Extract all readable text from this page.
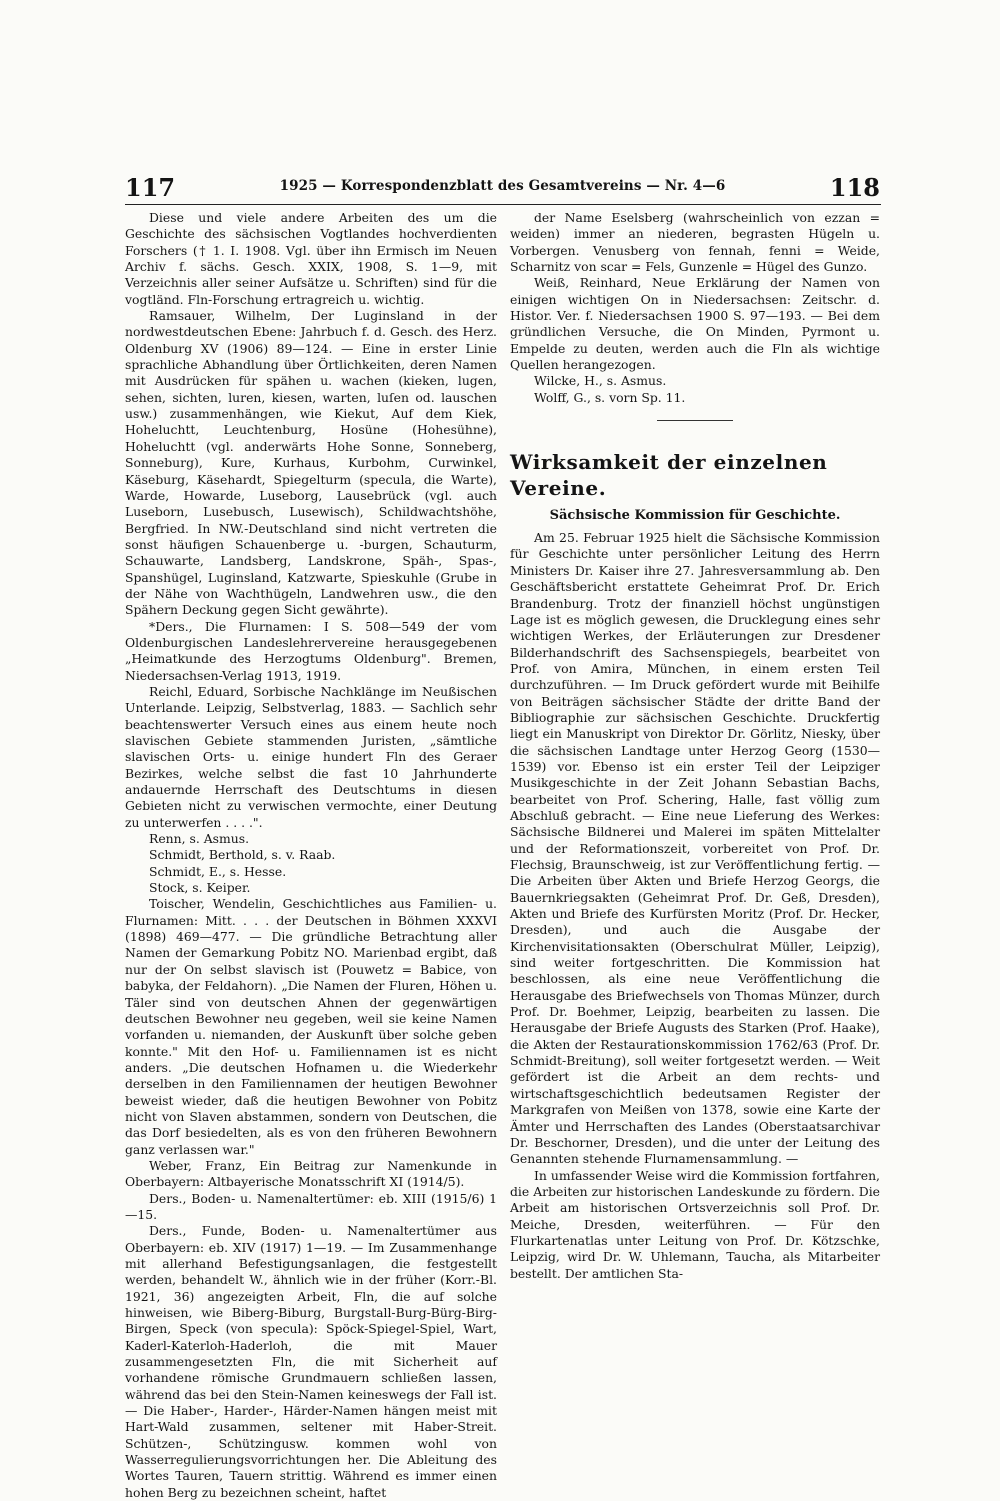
117	1925 — Korrespondenzblatt des Gesamtvereins — Nr. 4—6	118

Diese und viele andere Arbeiten des um die Geschichte des sächsischen Vogtlandes hochverdienten Forschers († 1. I. 1908. Vgl. über ihn Ermisch im Neuen Archiv f. sächs. Gesch. XXIX, 1908, S. 1—9, mit Verzeichnis aller seiner Aufsätze u. Schriften) sind für die vogtländ. Fln-Forschung ertragreich u. wichtig.

Ramsauer, Wilhelm, Der Luginsland in der nordwestdeutschen Ebene: Jahrbuch f. d. Gesch. des Herz. Oldenburg XV (1906) 89—124. — Eine in erster Linie sprachliche Abhandlung über Örtlichkeiten, deren Namen mit Ausdrücken für spähen u. wachen (kieken, lugen, sehen, sichten, luren, kiesen, warten, luſen od. lauschen usw.) zusammenhängen, wie Kiekut, Auf dem Kiek, Hoheluchtt, Leuchtenburg, Hosüne (Hohesühne), Hoheluchtt (vgl. anderwärts Hohe Sonne, Sonneberg, Sonneburg), Kure, Kurhaus, Kurbohm, Curwinkel, Käseburg, Käsehardt, Spiegelturm (specula, die Warte), Warde, Howarde, Luseborg, Lausebrück (vgl. auch Luseborn, Lusebusch, Lusewisch), Schildwachtshöhe, Bergfried. In NW.-Deutschland sind nicht vertreten die sonst häufigen Schauenberge u. -burgen, Schauturm, Schauwarte, Landsberg, Landskrone, Späh-, Spas-, Spanshügel, Luginsland, Katzwarte, Spieskuhle (Grube in der Nähe von Wachthügeln, Landwehren usw., die den Spähern Deckung gegen Sicht gewährte).

*Ders., Die Flurnamen: I S. 508—549 der vom Oldenburgischen Landeslehrervereine herausgegebenen „Heimatkunde des Herzogtums Oldenburg". Bremen, Niedersachsen-Verlag 1913, 1919.

Reichl, Eduard, Sorbische Nachklänge im Neußischen Unterlande. Leipzig, Selbstverlag, 1883. — Sachlich sehr beachtenswerter Versuch eines aus einem heute noch slavischen Gebiete stammenden Juristen, „sämtliche slavischen Orts- u. einige hundert Fln des Geraer Bezirkes, welche selbst die fast 10 Jahrhunderte andauernde Herrschaft des Deutschtums in diesen Gebieten nicht zu verwischen vermochte, einer Deutung zu unterwerfen . . . .".

Renn, s. Asmus.

Schmidt, Berthold, s. v. Raab.

Schmidt, E., s. Hesse.

Stock, s. Keiper.

Toischer, Wendelin, Geschichtliches aus Familien- u. Flurnamen: Mitt. . . . der Deutschen in Böhmen XXXVI (1898) 469—477. — Die gründliche Betrachtung aller Namen der Gemarkung Pobitz NO. Marienbad ergibt, daß nur der On selbst slavisch ist (Pouwetz = Babice, von babyka, der Feldahorn). „Die Namen der Fluren, Höhen u. Täler sind von deutschen Ahnen der gegenwärtigen deutschen Bewohner neu gegeben, weil sie keine Namen vorfanden u. niemanden, der Auskunft über solche geben konnte." Mit den Hof- u. Familiennamen ist es nicht anders. „Die deutschen Hofnamen u. die Wiederkehr derselben in den Familiennamen der heutigen Bewohner beweist wieder, daß die heutigen Bewohner von Pobitz nicht von Slaven abstammen, sondern von Deutschen, die das Dorf besiedelten, als es von den früheren Bewohnern ganz verlassen war."

Weber, Franz, Ein Beitrag zur Namenkunde in Oberbayern: Altbayerische Monatsschrift XI (1914/5).

Ders., Boden- u. Namenaltertümer: eb. XIII (1915/6) 1—15.

Ders., Funde, Boden- u. Namenaltertümer aus Oberbayern: eb. XIV (1917) 1—19. — Im Zusammenhange mit allerhand Befestigungsanlagen, die festgestellt werden, behandelt W., ähnlich wie in der früher (Korr.-Bl. 1921, 36) angezeigten Arbeit, Fln, die auf solche hinweisen, wie Biberg-Biburg, Burgstall-Burg-Bürg-Birg-Birgen, Speck (von specula): Spöck-Spiegel-Spiel, Wart, Kaderl-Katerloh-Haderloh, die mit Mauer zusammengesetzten Fln, die mit Sicherheit auf vorhandene römische Grundmauern schließen lassen, während das bei den Stein-Namen keineswegs der Fall ist. — Die Haber-, Harder-, Härder-Namen hängen meist mit Hart-Wald zusammen, seltener mit Haber-Streit. Schützen-, Schützingusw. kommen wohl von Wasserregulierungsvorrichtungen her. Die Ableitung des Wortes Tauren, Tauern strittig. Während es immer einen hohen Berg zu bezeichnen scheint, haftet

der Name Eselsberg (wahrscheinlich von ezzan = weiden) immer an niederen, begrasten Hügeln u. Vorbergen. Venusberg von fennah, fenni = Weide, Scharnitz von scar = Fels, Gunzenle = Hügel des Gunzo.

Weiß, Reinhard, Neue Erklärung der Namen von einigen wichtigen On in Niedersachsen: Zeitschr. d. Histor. Ver. f. Niedersachsen 1900 S. 97—193. — Bei dem gründlichen Versuche, die On Minden, Pyrmont u. Empelde zu deuten, werden auch die Fln als wichtige Quellen herangezogen.

Wilcke, H., s. Asmus.

Wolff, G., s. vorn Sp. 11.

Wirksamkeit der einzelnen Vereine.
Sächsische Kommission für Geschichte.

Am 25. Februar 1925 hielt die Sächsische Kommission für Geschichte unter persönlicher Leitung des Herrn Ministers Dr. Kaiser ihre 27. Jahresversammlung ab. Den Geschäftsbericht erstattete Geheimrat Prof. Dr. Erich Brandenburg. Trotz der finanziell höchst ungünstigen Lage ist es möglich gewesen, die Drucklegung eines sehr wichtigen Werkes, der Erläuterungen zur Dresdener Bilderhandschrift des Sachsenspiegels, bearbeitet von Prof. von Amira, München, in einem ersten Teil durchzuführen. — Im Druck gefördert wurde mit Beihilfe von Beiträgen sächsischer Städte der dritte Band der Bibliographie zur sächsischen Geschichte. Druckfertig liegt ein Manuskript von Direktor Dr. Görlitz, Niesky, über die sächsischen Landtage unter Herzog Georg (1530—1539) vor. Ebenso ist ein erster Teil der Leipziger Musikgeschichte in der Zeit Johann Sebastian Bachs, bearbeitet von Prof. Schering, Halle, fast völlig zum Abschluß gebracht. — Eine neue Lieferung des Werkes: Sächsische Bildnerei und Malerei im späten Mittelalter und der Reformationszeit, vorbereitet von Prof. Dr. Flechsig, Braunschweig, ist zur Veröffentlichung fertig. — Die Arbeiten über Akten und Briefe Herzog Georgs, die Bauernkriegsakten (Geheimrat Prof. Dr. Geß, Dresden), Akten und Briefe des Kurfürsten Moritz (Prof. Dr. Hecker, Dresden), und auch die Ausgabe der Kirchenvisitationsakten (Oberschulrat Müller, Leipzig), sind weiter fortgeschritten. Die Kommission hat beschlossen, als eine neue Veröffentlichung die Herausgabe des Briefwechsels von Thomas Münzer, durch Prof. Dr. Boehmer, Leipzig, bearbeiten zu lassen. Die Herausgabe der Briefe Augusts des Starken (Prof. Haake), die Akten der Restaurationskommission 1762/63 (Prof. Dr. Schmidt-Breitung), soll weiter fortgesetzt werden. — Weit gefördert ist die Arbeit an dem rechts- und wirtschaftsgeschichtlich bedeutsamen Register der Markgrafen von Meißen von 1378, sowie eine Karte der Ämter und Herrschaften des Landes (Oberstaatsarchivar Dr. Beschorner, Dresden), und die unter der Leitung des Genannten stehende Flurnamensammlung. —

In umfassender Weise wird die Kommission fortfahren, die Arbeiten zur historischen Landeskunde zu fördern. Die Arbeit am historischen Ortsverzeichnis soll Prof. Dr. Meiche, Dresden, weiterführen. — Für den Flurkartenatlas unter Leitung von Prof. Dr. Kötzschke, Leipzig, wird Dr. W. Uhlemann, Taucha, als Mitarbeiter bestellt. Der amtlichen Sta-
